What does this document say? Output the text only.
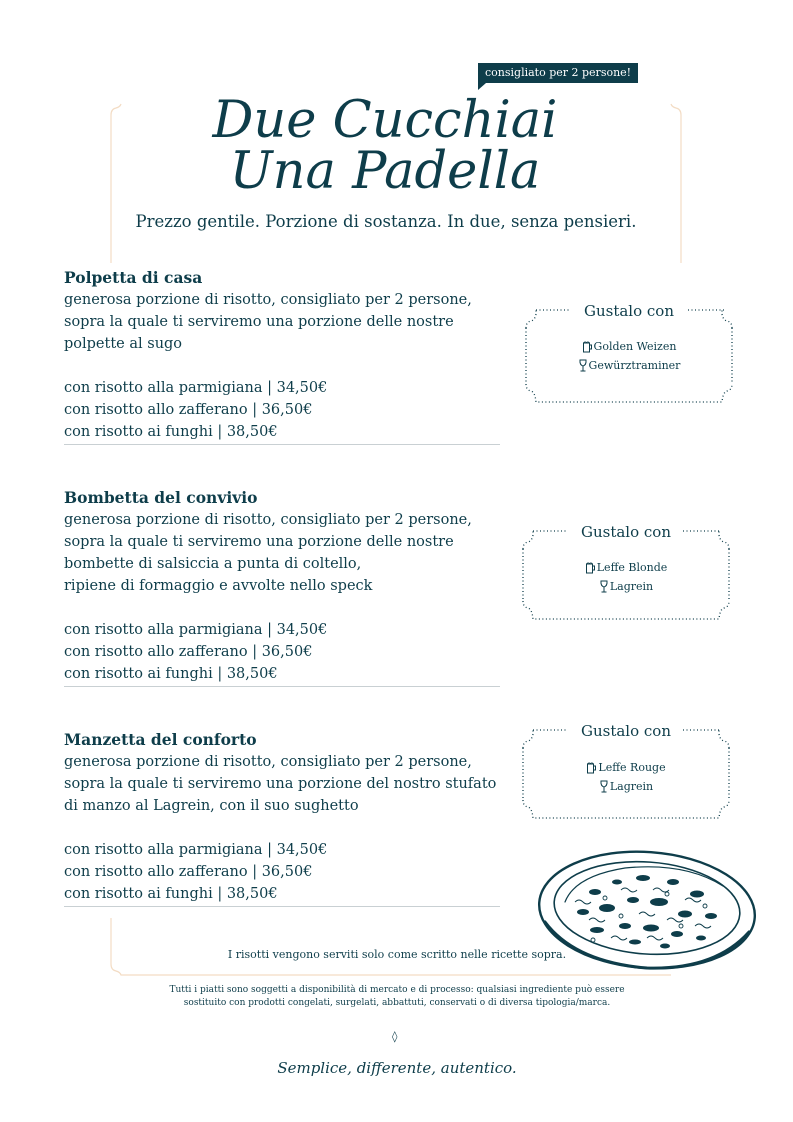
consigliato per 2 persone!
Due Cucchiai
Una Padella
Prezzo gentile. Porzione di sostanza. In due, senza pensieri.
Polpetta di casa
generosa porzione di risotto, consigliato per 2 persone,
sopra la quale ti serviremo una porzione delle nostre
polpette al sugo
con risotto alla parmigiana | 34,50€
con risotto allo zafferano | 36,50€
con risotto ai funghi | 38,50€
Bombetta del convivio
generosa porzione di risotto, consigliato per 2 persone,
sopra la quale ti serviremo una porzione delle nostre
bombette di salsiccia a punta di coltello,
ripiene di formaggio e avvolte nello speck
con risotto alla parmigiana | 34,50€
con risotto allo zafferano | 36,50€
con risotto ai funghi | 38,50€
Manzetta del conforto
generosa porzione di risotto, consigliato per 2 persone,
sopra la quale ti serviremo una porzione del nostro stufato
di manzo al Lagrein, con il suo sughetto
con risotto alla parmigiana | 34,50€
con risotto allo zafferano | 36,50€
con risotto ai funghi | 38,50€
Gustalo con
Golden Weizen
Gewürztraminer
Gustalo con
Leffe Blonde
Lagrein
Gustalo con
Leffe Rouge
Lagrein
I risotti vengono serviti solo come scritto nelle ricette sopra.
Tutti i piatti sono soggetti a disponibilità di mercato e di processo: qualsiasi ingrediente può essere
sostituito con prodotti congelati, surgelati, abbattuti, conservati o di diversa tipologia/marca.
◊
Semplice, differente, autentico.
